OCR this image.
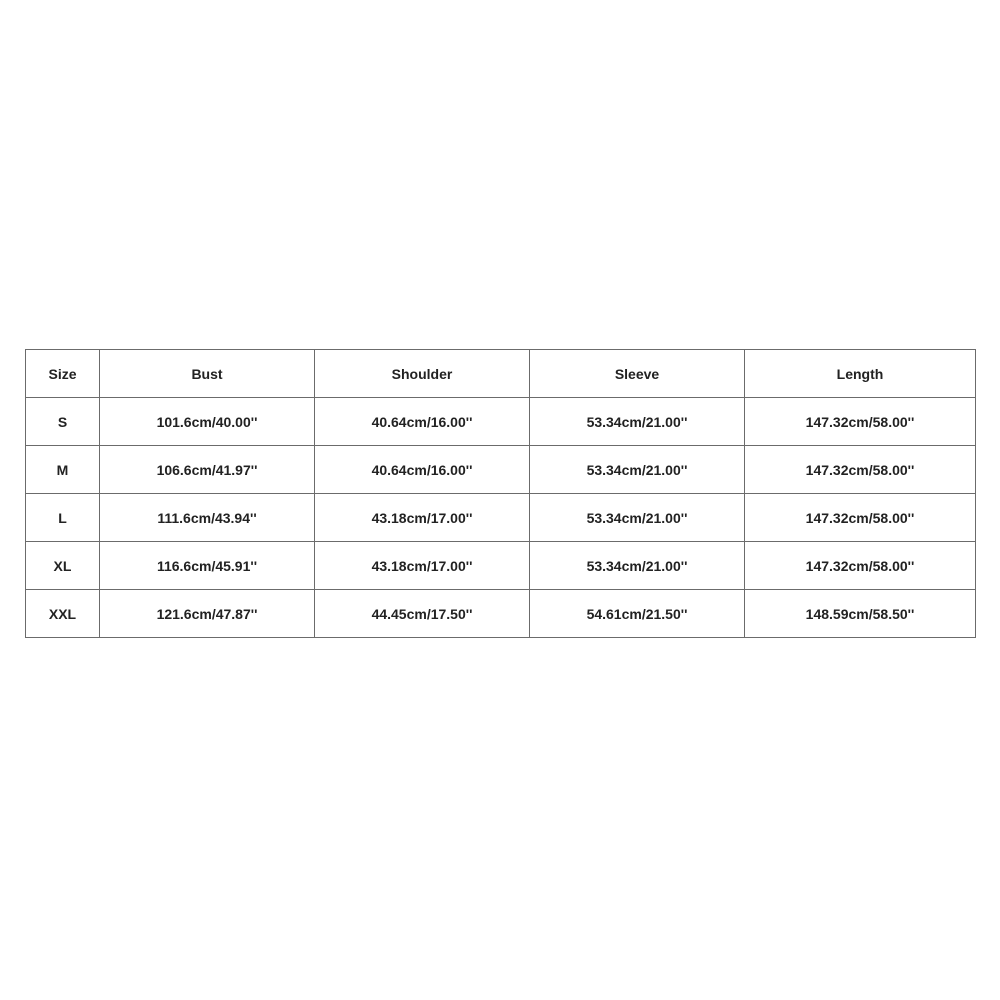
Size	Bust	Shoulder	Sleeve	Length
S	101.6cm/40.00''	40.64cm/16.00''	53.34cm/21.00''	147.32cm/58.00''
M	106.6cm/41.97''	40.64cm/16.00''	53.34cm/21.00''	147.32cm/58.00''
L	111.6cm/43.94''	43.18cm/17.00''	53.34cm/21.00''	147.32cm/58.00''
XL	116.6cm/45.91''	43.18cm/17.00''	53.34cm/21.00''	147.32cm/58.00''
XXL	121.6cm/47.87''	44.45cm/17.50''	54.61cm/21.50''	148.59cm/58.50''
